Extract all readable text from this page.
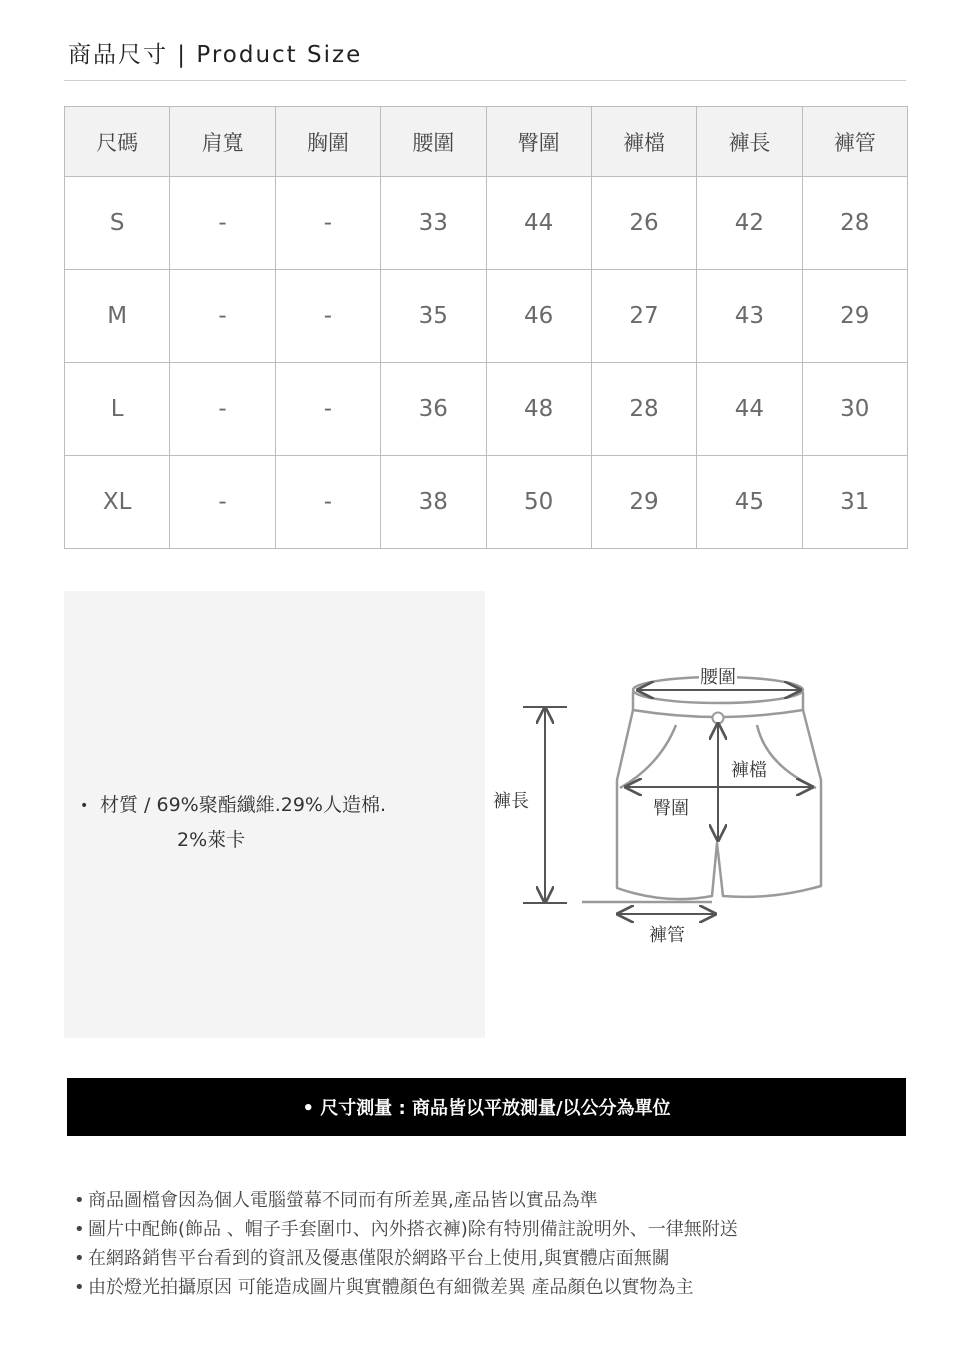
商品尺寸 | Product Size
尺碼	肩寬	胸圍	腰圍	臀圍	褲檔	褲長	褲管
S	-	-	33	44	26	42	28
M	-	-	35	46	27	43	29
L	-	-	36	48	28	44	30
XL	-	-	38	50	29	45	31
• 材質 / 69%聚酯纖維.29%人造棉.
2%萊卡
腰圍
褲檔
臀圍
褲長
褲管
• 尺寸測量 : 商品皆以平放測量/以公分為單位
• 商品圖檔會因為個人電腦螢幕不同而有所差異,產品皆以實品為準
• 圖片中配飾(飾品 、帽子手套圍巾、內外搭衣褲)除有特別備註說明外、一律無附送
• 在網路銷售平台看到的資訊及優惠僅限於網路平台上使用,與實體店面無關
• 由於燈光拍攝原因 可能造成圖片與實體顏色有細微差異 產品顏色以實物為主
